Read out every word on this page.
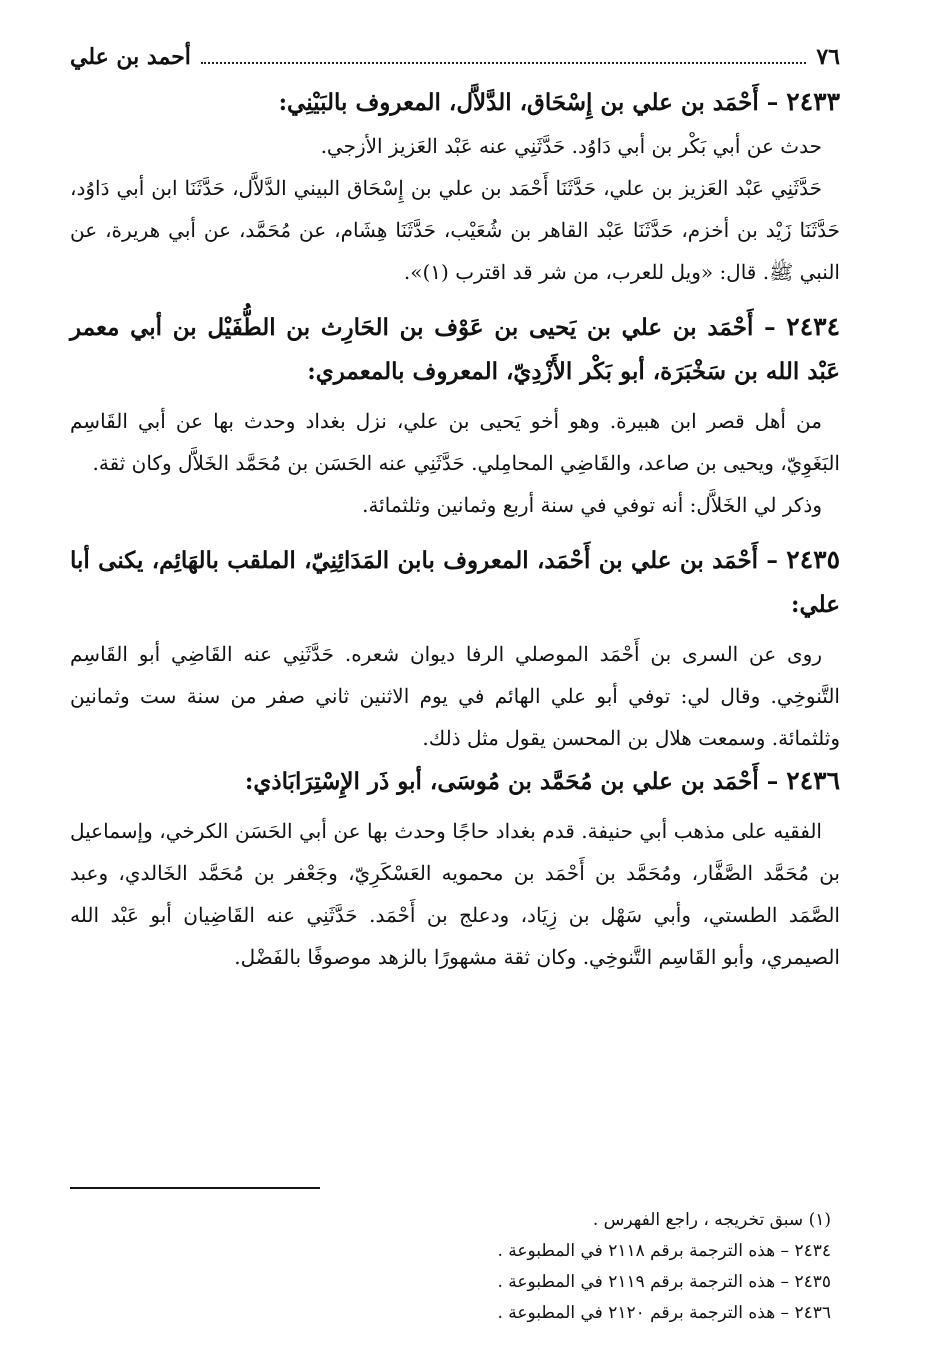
٧٦
أحمد بن علي

٢٤٣٣ – أَحْمَد بن علي بن إِسْحَاق، الدَّلاَّل، المعروف بالبَيْنِي:

حدث عن أبي بَكْر بن أبي دَاوُد. حَدَّثَنِي عنه عَبْد العَزيز الأزجي.

حَدَّثَنِي عَبْد العَزيز بن علي، حَدَّثَنَا أَحْمَد بن علي بن إِسْحَاق البيني الدَّلاَّل، حَدَّثَنَا ابن أبي دَاوُد، حَدَّثَنَا زَيْد بن أخزم، حَدَّثَنَا عَبْد القاهر بن شُعَيْب، حَدَّثَنَا هِشَام، عن مُحَمَّد، عن أبي هريرة، عن النبي ﷺ. قال: «ويل للعرب، من شر قد اقترب (١)».

٢٤٣٤ – أَحْمَد بن علي بن يَحيى بن عَوْف بن الحَارِث بن الطُّفَيْل بن أبي معمر عَبْد الله بن سَخْبَرَة، أبو بَكْر الأَزْدِيّ، المعروف بالمعمري:

من أهل قصر ابن هبيرة. وهو أخو يَحيى بن علي، نزل بغداد وحدث بها عن أبي القَاسِم البَغَوِيّ، ويحيى بن صاعد، والقَاضِي المحامِلي. حَدَّثَنِي عنه الحَسَن بن مُحَمَّد الخَلاَّل وكان ثقة.

وذكر لي الخَلاَّل: أنه توفي في سنة أربع وثمانين وثلثمائة.

٢٤٣٥ – أَحْمَد بن علي بن أَحْمَد، المعروف بابن المَدَائِنِيّ، الملقب بالهَائِم، يكنى أبا علي:

روى عن السرى بن أَحْمَد الموصلي الرفا ديوان شعره. حَدَّثَنِي عنه القَاضِي أبو القَاسِم التَّنوخِي. وقال لي: توفي أبو علي الهائم في يوم الاثنين ثاني صفر من سنة ست وثمانين وثلثمائة. وسمعت هلال بن المحسن يقول مثل ذلك.

٢٤٣٦ – أَحْمَد بن علي بن مُحَمَّد بن مُوسَى، أبو ذَر الإِسْتِرَابَاذي:

الفقيه على مذهب أبي حنيفة. قدم بغداد حاجًا وحدث بها عن أبي الحَسَن الكرخي، وإسماعيل بن مُحَمَّد الصَّفَّار، ومُحَمَّد بن أَحْمَد بن محمويه العَسْكَرِيّ، وجَعْفر بن مُحَمَّد الخَالدي، وعبد الصَّمَد الطستي، وأبي سَهْل بن زِيَاد، ودعلج بن أَحْمَد. حَدَّثَنِي عنه القَاضِيان أبو عَبْد الله الصيمري، وأبو القَاسِم التَّنوخِي. وكان ثقة مشهورًا بالزهد موصوفًا بالفَضْل.

(١) سبق تخريجه ، راجع الفهرس .

٢٤٣٤ – هذه الترجمة برقم ٢١١٨ في المطبوعة .

٢٤٣٥ – هذه الترجمة برقم ٢١١٩ في المطبوعة .

٢٤٣٦ – هذه الترجمة برقم ٢١٢٠ في المطبوعة .
